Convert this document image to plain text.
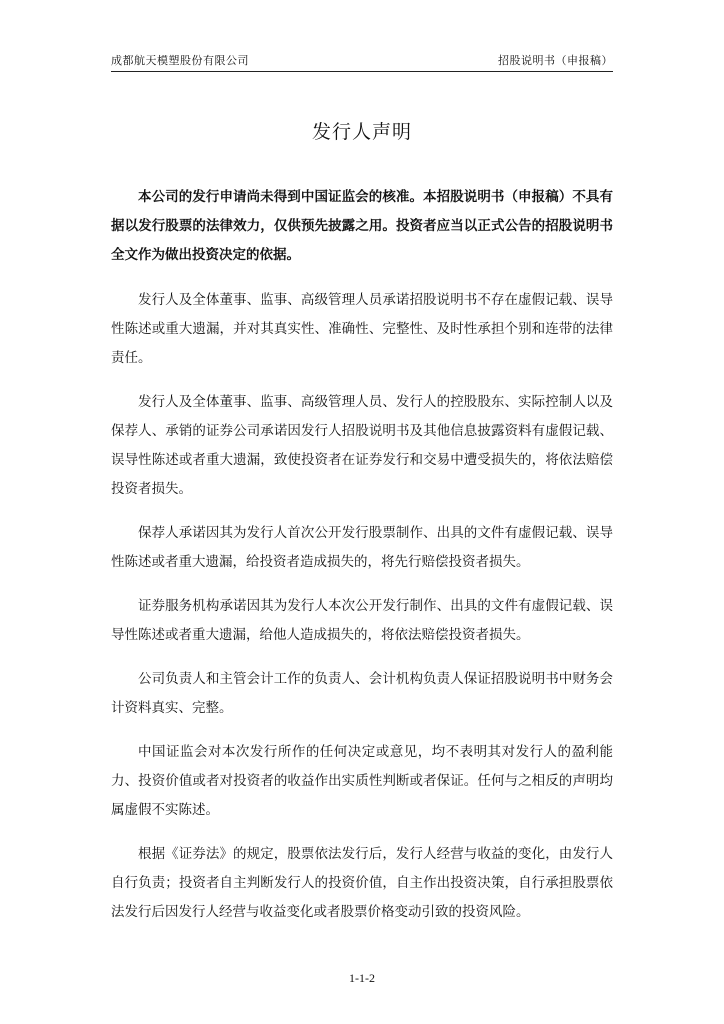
成都航天模塑股份有限公司	招股说明书（申报稿）
发行人声明

本公司的发行申请尚未得到中国证监会的核准。本招股说明书（申报稿）不具有据以发行股票的法律效力，仅供预先披露之用。投资者应当以正式公告的招股说明书全文作为做出投资决定的依据。

发行人及全体董事、监事、高级管理人员承诺招股说明书不存在虚假记载、误导性陈述或重大遗漏，并对其真实性、准确性、完整性、及时性承担个别和连带的法律责任。

发行人及全体董事、监事、高级管理人员、发行人的控股股东、实际控制人以及保荐人、承销的证券公司承诺因发行人招股说明书及其他信息披露资料有虚假记载、误导性陈述或者重大遗漏，致使投资者在证券发行和交易中遭受损失的，将依法赔偿投资者损失。

保荐人承诺因其为发行人首次公开发行股票制作、出具的文件有虚假记载、误导性陈述或者重大遗漏，给投资者造成损失的，将先行赔偿投资者损失。

证券服务机构承诺因其为发行人本次公开发行制作、出具的文件有虚假记载、误导性陈述或者重大遗漏，给他人造成损失的，将依法赔偿投资者损失。

公司负责人和主管会计工作的负责人、会计机构负责人保证招股说明书中财务会计资料真实、完整。

中国证监会对本次发行所作的任何决定或意见，均不表明其对发行人的盈利能力、投资价值或者对投资者的收益作出实质性判断或者保证。任何与之相反的声明均属虚假不实陈述。

根据《证券法》的规定，股票依法发行后，发行人经营与收益的变化，由发行人自行负责；投资者自主判断发行人的投资价值，自主作出投资决策，自行承担股票依法发行后因发行人经营与收益变化或者股票价格变动引致的投资风险。

1-1-2
